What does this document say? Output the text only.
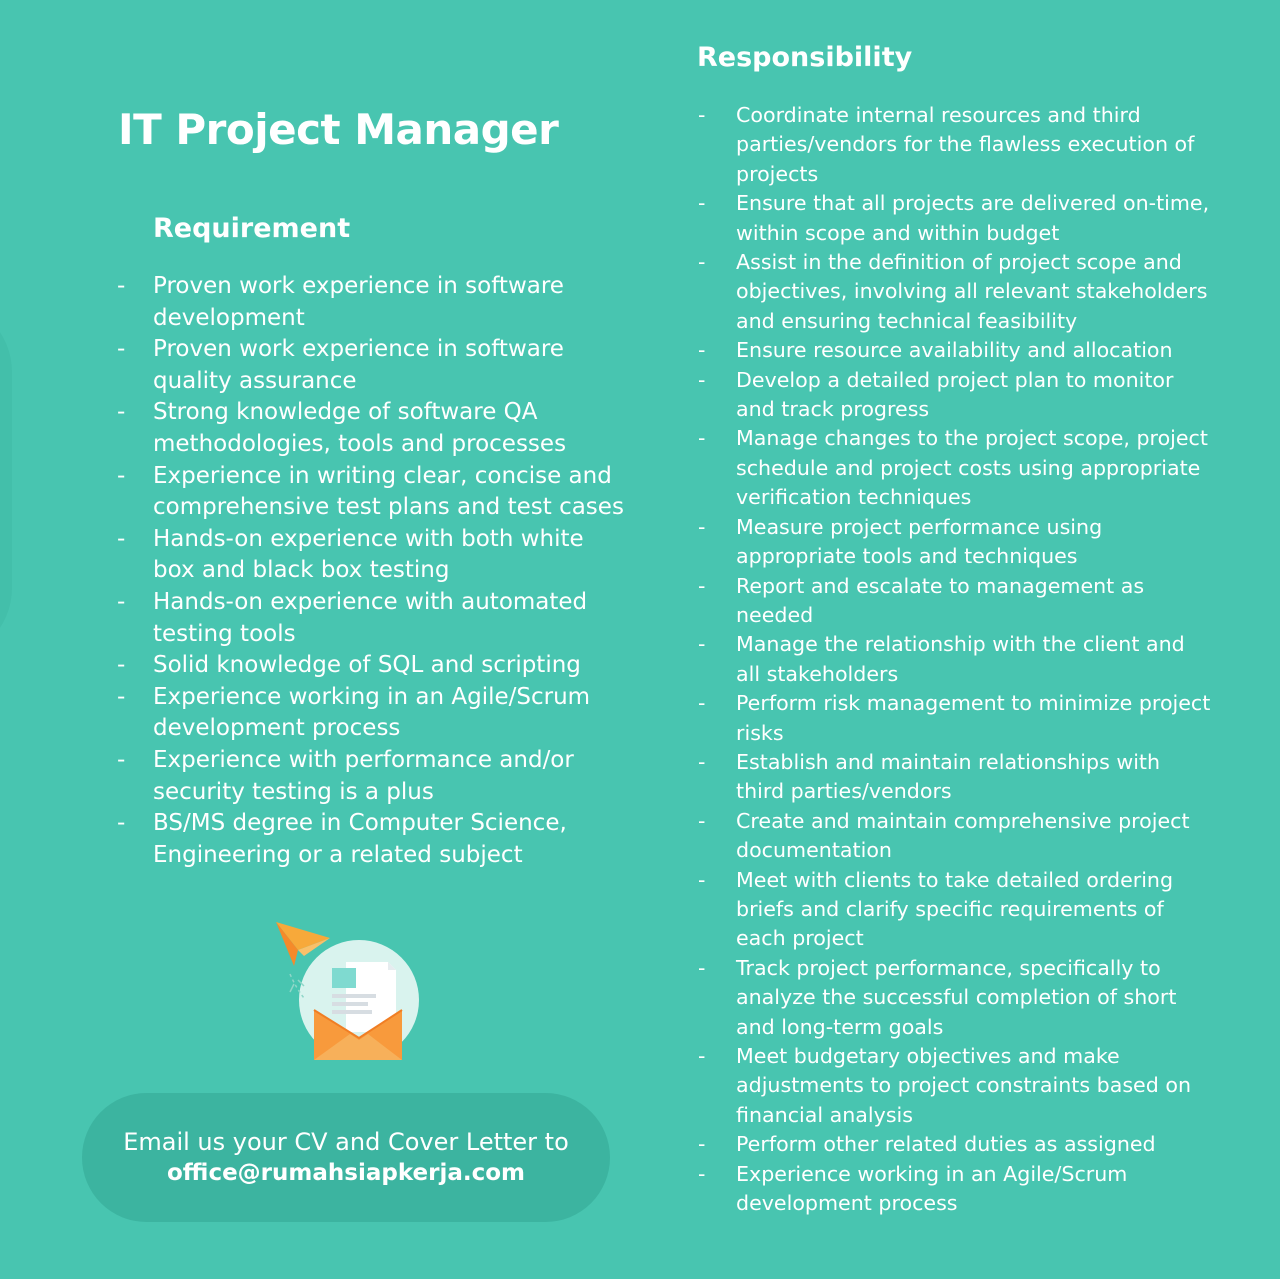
IT Project Manager
Requirement
- Proven work experience in software development
- Proven work experience in software quality assurance
- Strong knowledge of software QA methodologies, tools and processes
- Experience in writing clear, concise and comprehensive test plans and test cases
- Hands-on experience with both white box and black box testing
- Hands-on experience with automated testing tools
- Solid knowledge of SQL and scripting
- Experience working in an Agile/Scrum development process
- Experience with performance and/or security testing is a plus
- BS/MS degree in Computer Science, Engineering or a related subject
Responsibility
- Coordinate internal resources and third parties/vendors for the flawless execution of projects
- Ensure that all projects are delivered on-time, within scope and within budget
- Assist in the definition of project scope and objectives, involving all relevant stakeholders and ensuring technical feasibility
- Ensure resource availability and allocation
- Develop a detailed project plan to monitor and track progress
- Manage changes to the project scope, project schedule and project costs using appropriate verification techniques
- Measure project performance using appropriate tools and techniques
- Report and escalate to management as needed
- Manage the relationship with the client and all stakeholders
- Perform risk management to minimize project risks
- Establish and maintain relationships with third parties/vendors
- Create and maintain comprehensive project documentation
- Meet with clients to take detailed ordering briefs and clarify specific requirements of each project
- Track project performance, specifically to analyze the successful completion of short and long-term goals
- Meet budgetary objectives and make adjustments to project constraints based on financial analysis
- Perform other related duties as assigned
- Experience working in an Agile/Scrum development process
Email us your CV and Cover Letter to
office@rumahsiapkerja.com
